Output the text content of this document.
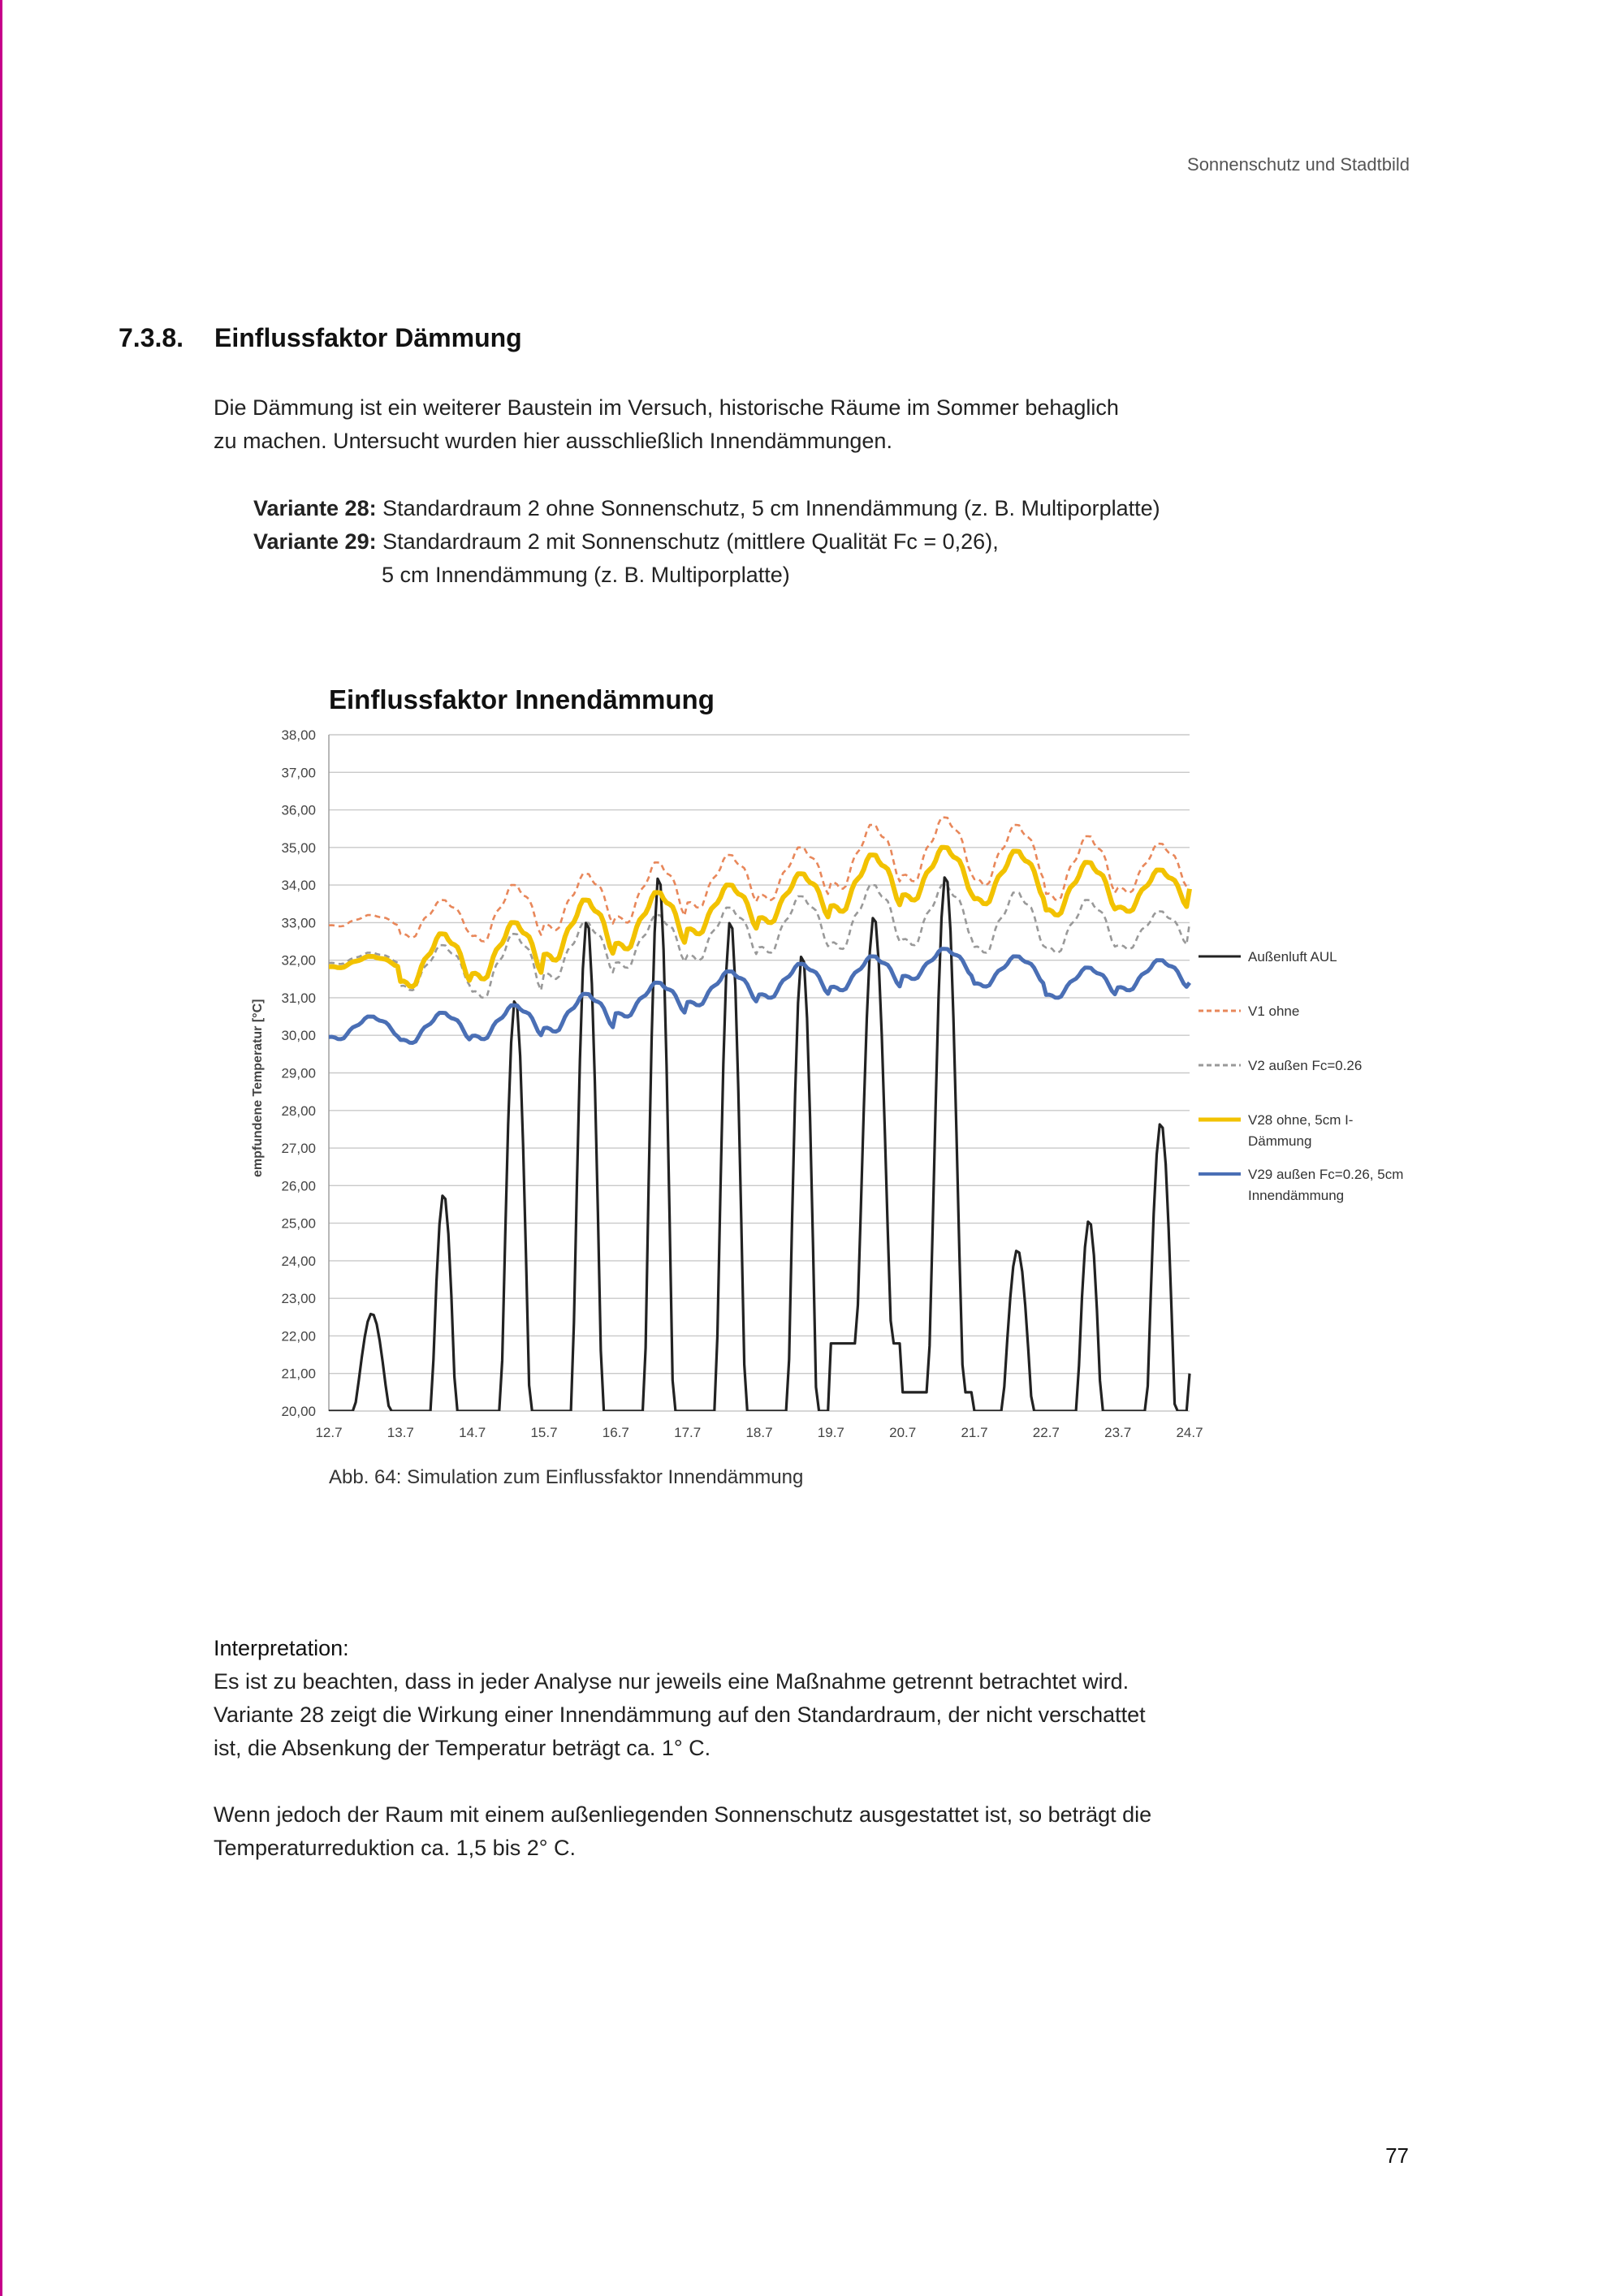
Sonnenschutz und Stadtbild
7.3.8. Einflussfaktor Dämmung
Die Dämmung ist ein weiterer Baustein im Versuch, historische Räume im Sommer behaglich
zu machen. Untersucht wurden hier ausschließlich Innendämmungen.
Variante 28: Standardraum 2 ohne Sonnenschutz, 5 cm Innendämmung (z. B. Multiporplatte)
Variante 29: Standardraum 2 mit Sonnenschutz (mittlere Qualität Fc = 0,26),
5 cm Innendämmung (z. B. Multiporplatte)
Einflussfaktor Innendämmung
empfundene Temperatur [°C]
20,00
21,00
22,00
23,00
24,00
25,00
26,00
27,00
28,00
29,00
30,00
31,00
32,00
33,00
34,00
35,00
36,00
37,00
38,00
12.7	13.7	14.7	15.7	16.7	17.7	18.7	19.7	20.7	21.7	22.7	23.7	24.7
Außenluft AUL
V1 ohne
V2 außen Fc=0.26
V28 ohne, 5cm I-
Dämmung
V29 außen Fc=0.26, 5cm
Innendämmung
Abb. 64: Simulation zum Einflussfaktor Innendämmung
Interpretation:
Es ist zu beachten, dass in jeder Analyse nur jeweils eine Maßnahme getrennt betrachtet wird.
Variante 28 zeigt die Wirkung einer Innendämmung auf den Standardraum, der nicht verschattet
ist, die Absenkung der Temperatur beträgt ca. 1° C.
Wenn jedoch der Raum mit einem außenliegenden Sonnenschutz ausgestattet ist, so beträgt die
Temperaturreduktion ca. 1,5 bis 2° C.
77
